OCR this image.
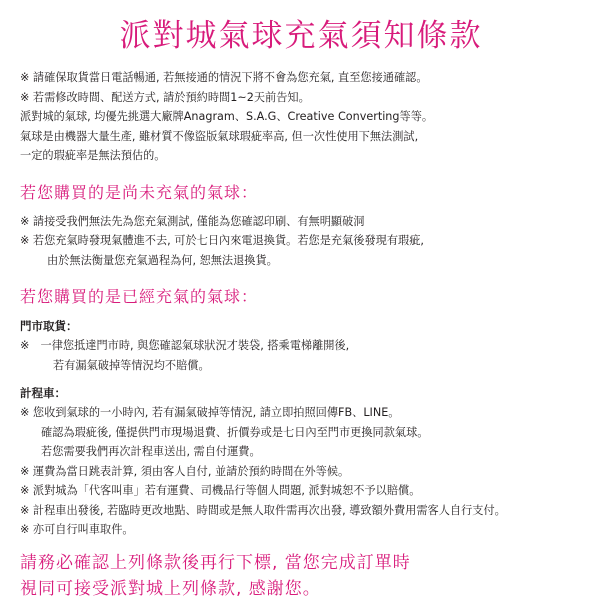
派對城氣球充氣須知條款
※ 請確保取貨當日電話暢通, 若無接通的情況下將不會為您充氣, 直至您接通確認。
※ 若需修改時間、配送方式, 請於預約時間1~2天前告知。
派對城的氣球, 均優先挑選大廠牌Anagram、S.A.G、Creative Converting等等。
氣球是由機器大量生產, 雖材質不像盜版氣球瑕疵率高, 但一次性使用下無法測試,
一定的瑕疵率是無法預估的。
若您購買的是尚未充氣的氣球：
※ 請接受我們無法先為您充氣測試, 僅能為您確認印刷、有無明顯破洞
※ 若您充氣時發現氣體進不去, 可於七日內來電退換貨。若您是充氣後發現有瑕疵,
由於無法衡量您充氣過程為何, 恕無法退換貨。
若您購買的是已經充氣的氣球：
門市取貨：
※　一律您抵達門市時, 與您確認氣球狀況才裝袋, 搭乘電梯離開後,
若有漏氣破掉等情況均不賠償。
計程車：
※ 您收到氣球的一小時內, 若有漏氣破掉等情況, 請立即拍照回傳FB、LINE。
確認為瑕疵後, 僅提供門市現場退費、折價券或是七日內至門市更換同款氣球。
若您需要我們再次計程車送出, 需自付運費。
※ 運費為當日跳表計算, 須由客人自付, 並請於預約時間在外等候。
※ 派對城為「代客叫車」若有運費、司機品行等個人問題, 派對城恕不予以賠償。
※ 計程車出發後, 若臨時更改地點、時間或是無人取件需再次出發, 導致額外費用需客人自行支付。
※ 亦可自行叫車取件。
請務必確認上列條款後再行下標, 當您完成訂單時
視同可接受派對城上列條款, 感謝您。
